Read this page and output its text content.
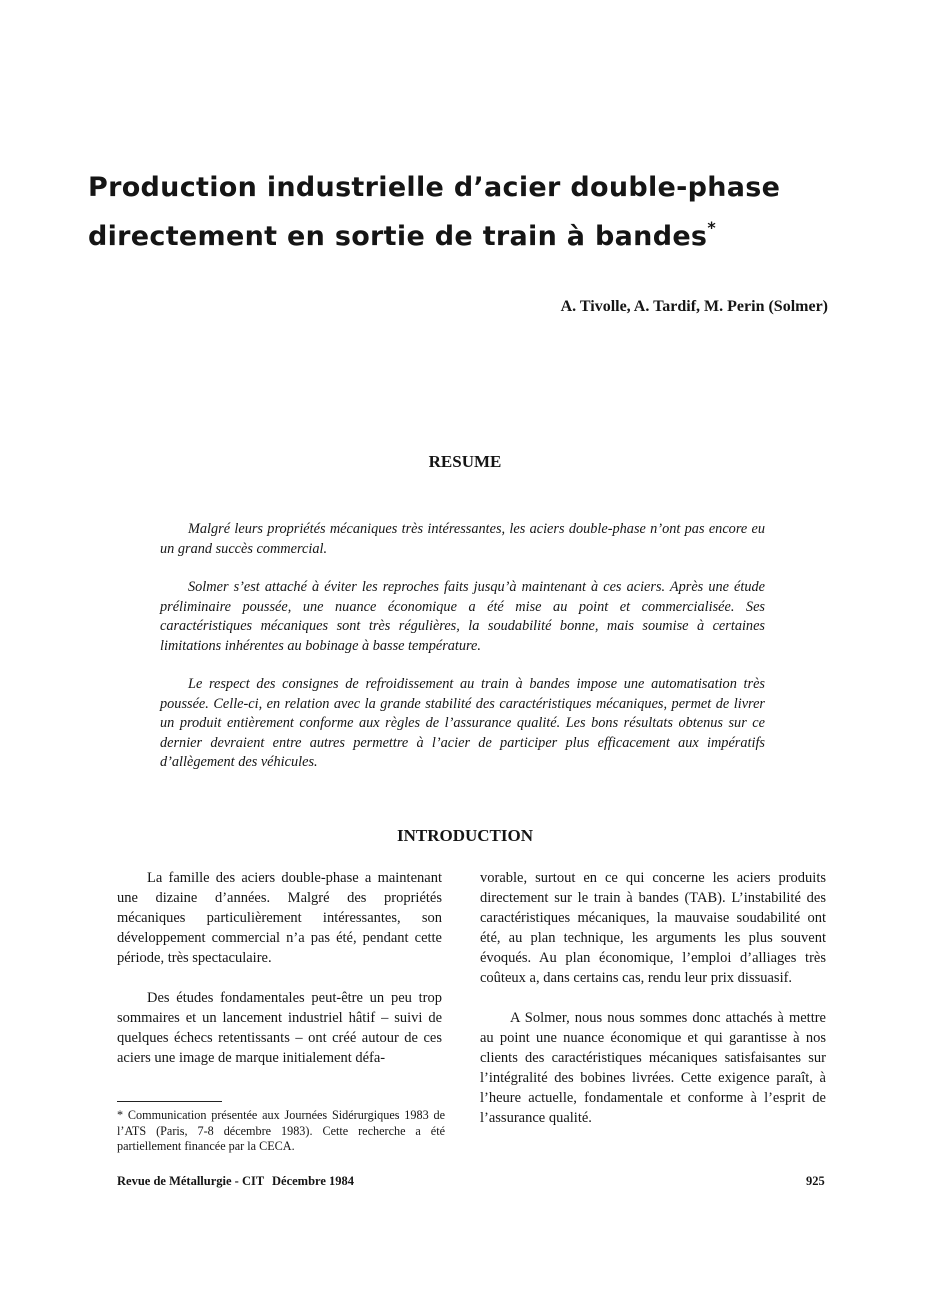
Production industrielle d’acier double-phase
directement en sortie de train à bandes*
A. Tivolle, A. Tardif, M. Perin (Solmer)
RESUME

Malgré leurs propriétés mécaniques très intéressantes, les aciers double-phase n’ont pas encore eu un grand succès commercial.

Solmer s’est attaché à éviter les reproches faits jusqu’à maintenant à ces aciers. Après une étude préliminaire poussée, une nuance économique a été mise au point et commercialisée. Ses caractéristiques mécaniques sont très régulières, la soudabilité bonne, mais soumise à certaines limitations inhérentes au bobinage à basse température.

Le respect des consignes de refroidissement au train à bandes impose une automatisation très poussée. Celle-ci, en relation avec la grande stabilité des caractéristiques mécaniques, permet de livrer un produit entièrement conforme aux règles de l’assurance qualité. Les bons résultats obtenus sur ce dernier devraient entre autres permettre à l’acier de participer plus efficacement aux impératifs d’allègement des véhicules.

INTRODUCTION

La famille des aciers double-phase a maintenant une dizaine d’années. Malgré des propriétés mécaniques particulièrement intéressantes, son développement commercial n’a pas été, pendant cette période, très spectaculaire.

Des études fondamentales peut-être un peu trop sommaires et un lancement industriel hâtif – suivi de quelques échecs retentissants – ont créé autour de ces aciers une image de marque initialement défa-

vorable, surtout en ce qui concerne les aciers produits directement sur le train à bandes (TAB). L’instabilité des caractéristiques mécaniques, la mauvaise soudabilité ont été, au plan technique, les arguments les plus souvent évoqués. Au plan économique, l’emploi d’alliages très coûteux a, dans certains cas, rendu leur prix dissuasif.

A Solmer, nous nous sommes donc attachés à mettre au point une nuance économique et qui garantisse à nos clients des caractéristiques mécaniques satisfaisantes sur l’intégralité des bobines livrées. Cette exigence paraît, à l’heure actuelle, fondamentale et conforme à l’esprit de l’assurance qualité.

* Communication présentée aux Journées Sidérurgiques 1983 de l’ATS (Paris, 7-8 décembre 1983). Cette recherche a été partiellement financée par la CECA.
Revue de Métallurgie - CIT Décembre 1984	925
